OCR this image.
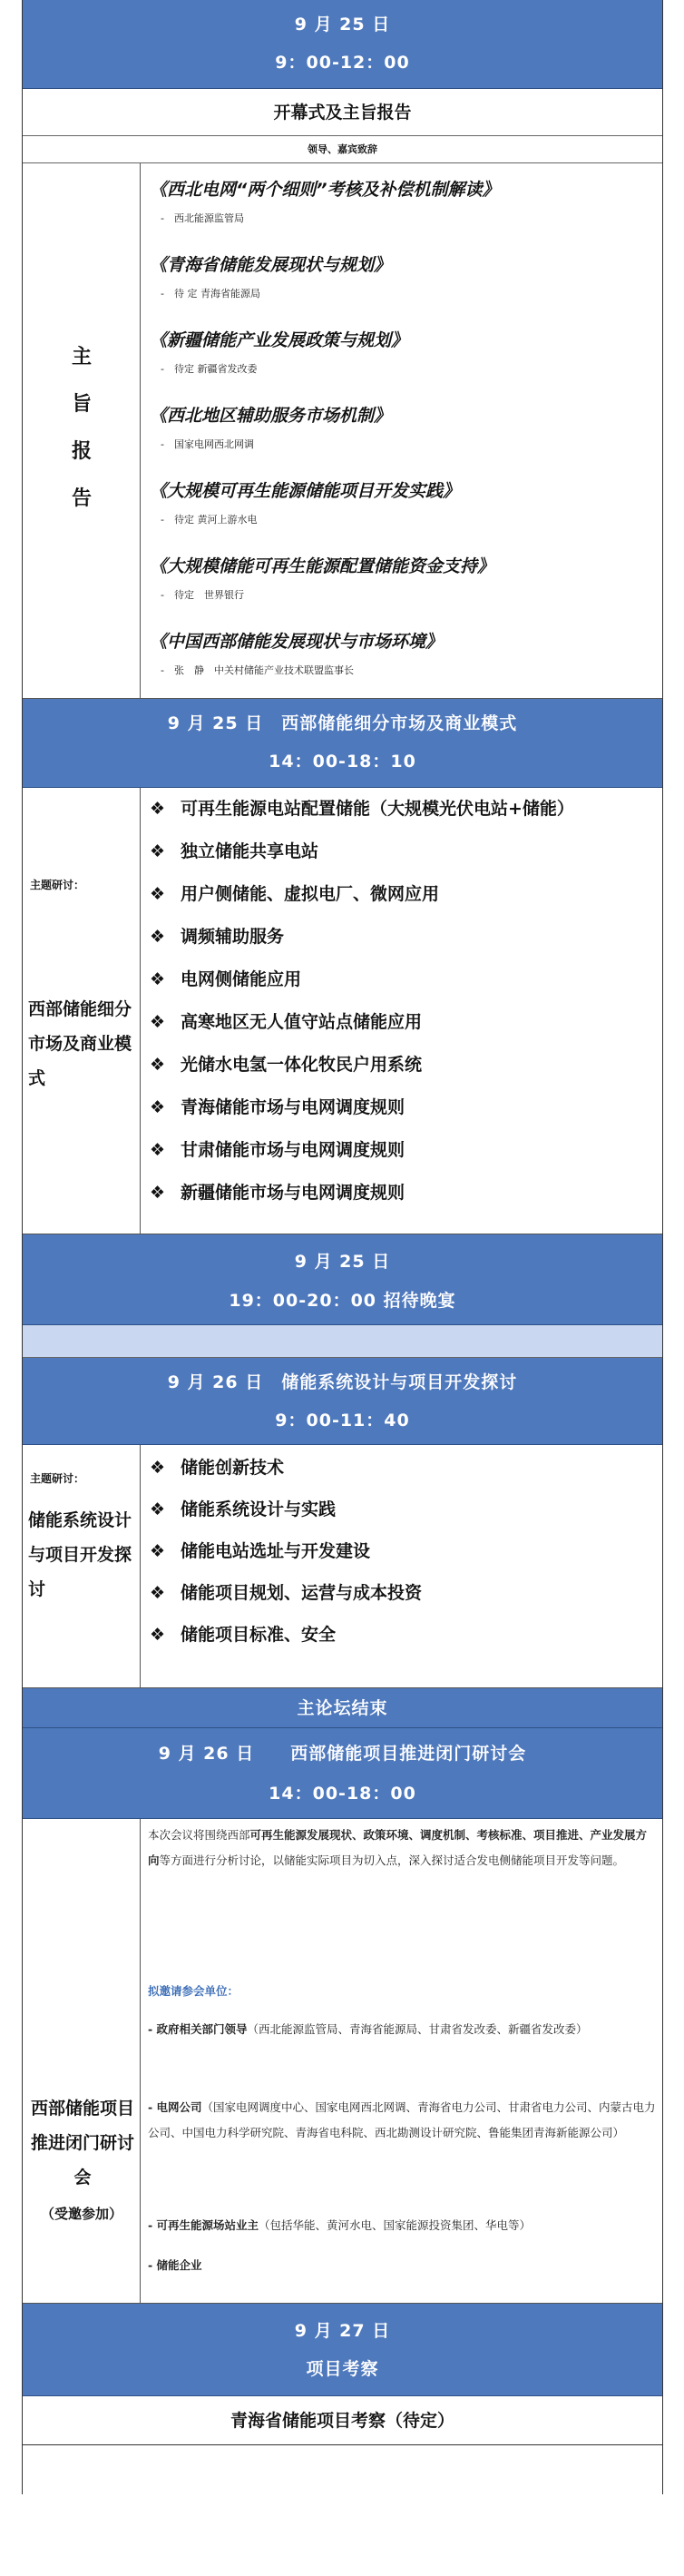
9 月 25 日
9：00-12：00
开幕式及主旨报告
领导、嘉宾致辞
主
旨
报
告
《西北电网“两个细则”考核及补偿机制解读》
-　西北能源监管局
《青海省储能发展现状与规划》
-　待 定 青海省能源局
《新疆储能产业发展政策与规划》
-　待定 新疆省发改委
《西北地区辅助服务市场机制》
-　国家电网西北网调
《大规模可再生能源储能项目开发实践》
-　待定 黄河上游水电
《大规模储能可再生能源配置储能资金支持》
-　待定　世界银行
《中国西部储能发展现状与市场环境》
-　张　静　中关村储能产业技术联盟监事长
9 月 25 日　西部储能细分市场及商业模式
14：00-18：10
主题研讨：
西部储能细分市场及商业模式
❖ 可再生能源电站配置储能（大规模光伏电站+储能）
❖ 独立储能共享电站
❖ 用户侧储能、虚拟电厂、微网应用
❖ 调频辅助服务
❖ 电网侧储能应用
❖ 高寒地区无人值守站点储能应用
❖ 光储水电氢一体化牧民户用系统
❖ 青海储能市场与电网调度规则
❖ 甘肃储能市场与电网调度规则
❖ 新疆储能市场与电网调度规则
9 月 25 日
19：00-20：00 招待晚宴
9 月 26 日　储能系统设计与项目开发探讨
9：00-11：40
主题研讨：
储能系统设计与项目开发探讨
❖ 储能创新技术
❖ 储能系统设计与实践
❖ 储能电站选址与开发建设
❖ 储能项目规划、运营与成本投资
❖ 储能项目标准、安全
主论坛结束
9 月 26 日　　西部储能项目推进闭门研讨会
14：00-18：00
西部储能项目推进闭门研讨会
（受邀参加）
本次会议将围绕西部可再生能源发展现状、政策环境、调度机制、考核标准、项目推进、产业发展方向等方面进行分析讨论，以储能实际项目为切入点，深入探讨适合发电侧储能项目开发等问题。
拟邀请参会单位：
- 政府相关部门领导（西北能源监管局、青海省能源局、甘肃省发改委、新疆省发改委）
- 电网公司（国家电网调度中心、国家电网西北网调、青海省电力公司、甘肃省电力公司、内蒙古电力公司、中国电力科学研究院、青海省电科院、西北勘测设计研究院、鲁能集团青海新能源公司）
- 可再生能源场站业主（包括华能、黄河水电、国家能源投资集团、华电等）
- 储能企业
9 月 27 日
项目考察
青海省储能项目考察（待定）
